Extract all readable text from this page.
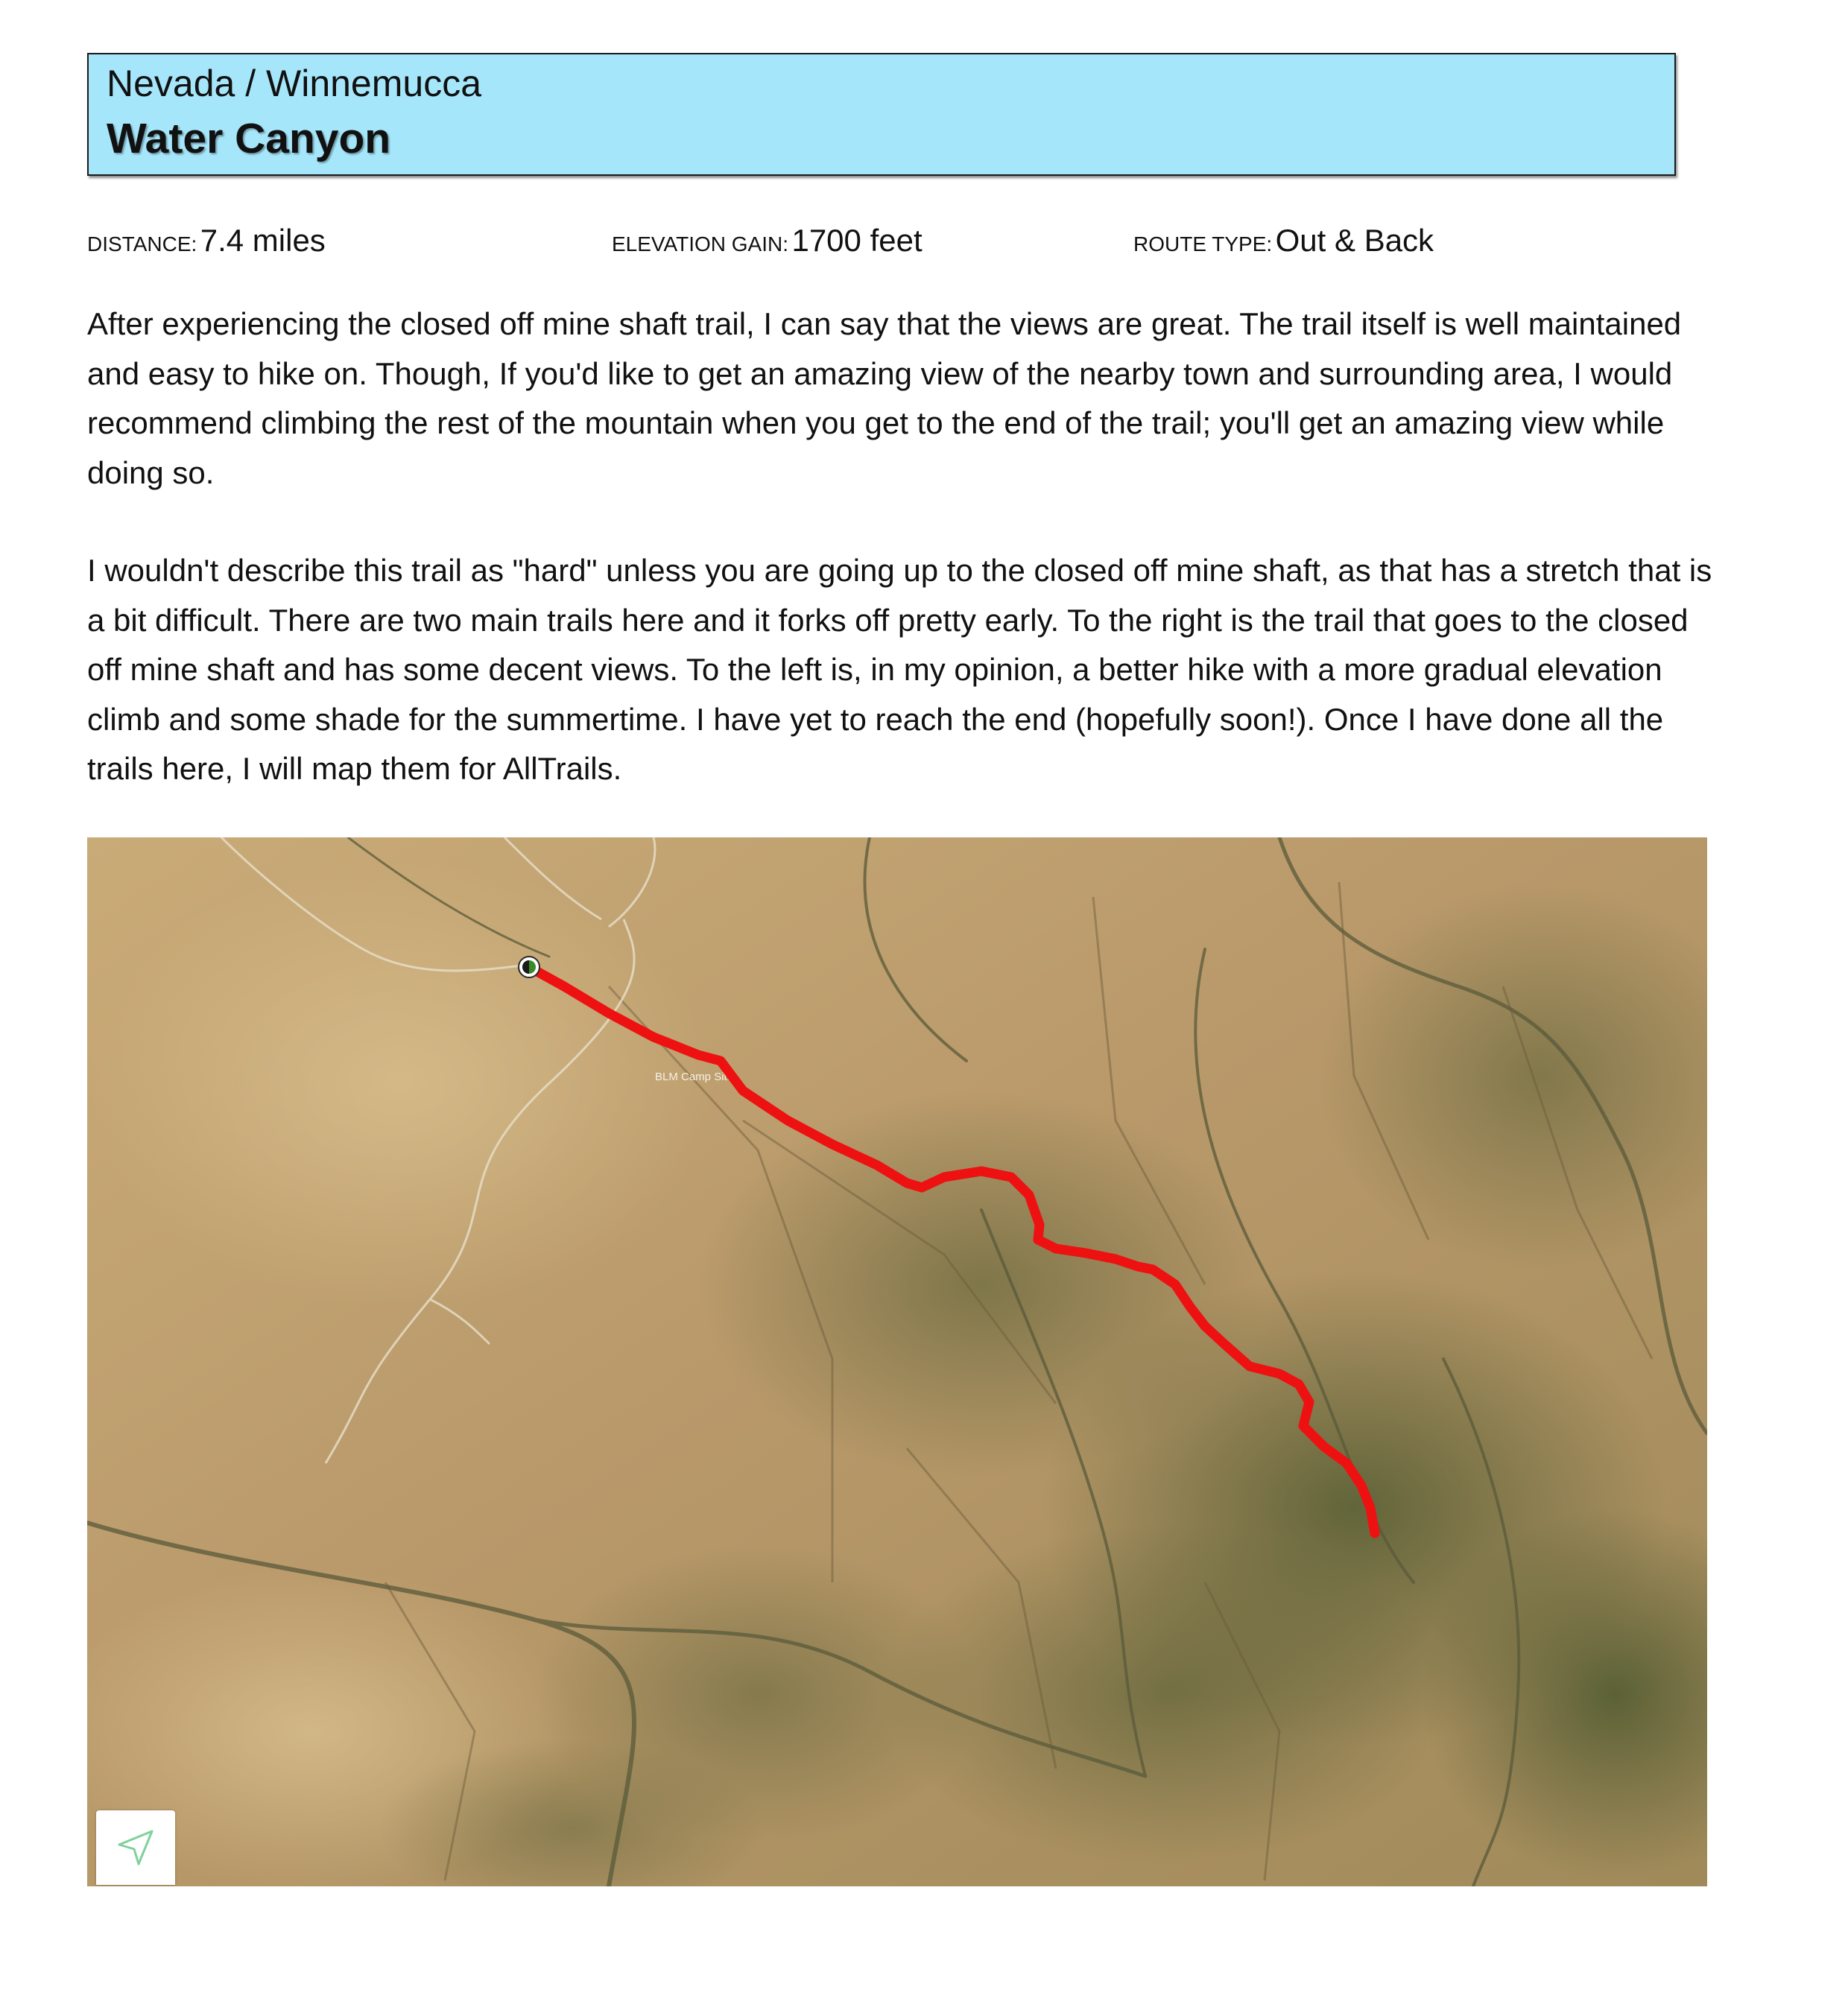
Nevada / Winnemucca
Water Canyon
DISTANCE: 7.4 miles	ELEVATION GAIN: 1700 feet	ROUTE TYPE: Out & Back

After experiencing the closed off mine shaft trail, I can say that the views are great. The trail itself is well maintained and easy to hike on. Though, If you'd like to get an amazing view of the nearby town and surrounding area, I would recommend climbing the rest of the mountain when you get to the end of the trail; you'll get an amazing view while doing so.

I wouldn't describe this trail as "hard" unless you are going up to the closed off mine shaft, as that has a stretch that is a bit difficult. There are two main trails here and it forks off pretty early. To the right is the trail that goes to the closed off mine shaft and has some decent views. To the left is, in my opinion, a better hike with a more gradual elevation climb and some shade for the summertime. I have yet to reach the end (hopefully soon!). Once I have done all the trails here, I will map them for AllTrails.

BLM Camp Site
